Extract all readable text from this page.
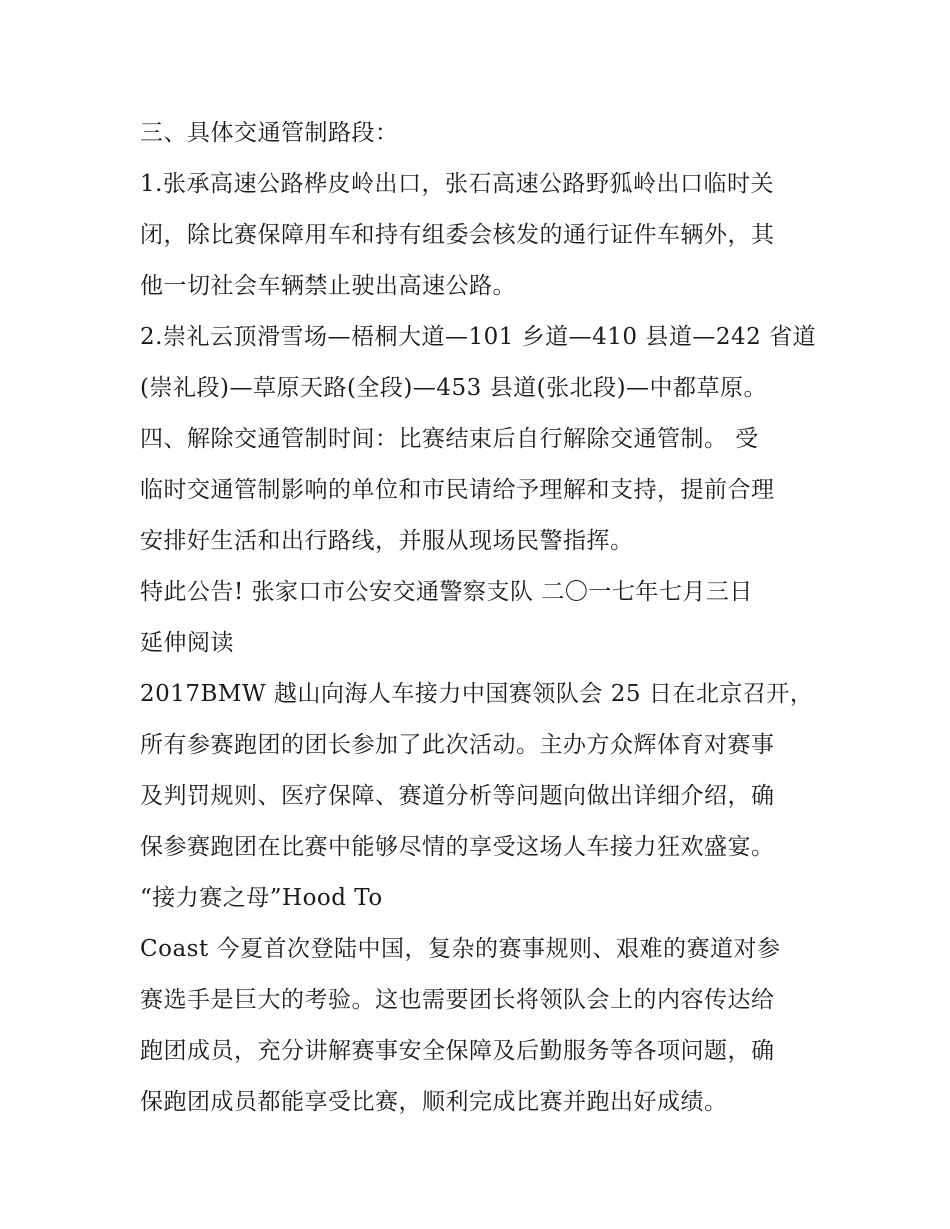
三、具体交通管制路段：
1.张承高速公路桦皮岭出口，张石高速公路野狐岭出口临时关
闭，除比赛保障用车和持有组委会核发的通行证件车辆外，其
他一切社会车辆禁止驶出高速公路。
2.崇礼云顶滑雪场—梧桐大道—101 乡道—410 县道—242 省道
(崇礼段)—草原天路(全段)—453 县道(张北段)—中都草原。
四、解除交通管制时间：比赛结束后自行解除交通管制。 受
临时交通管制影响的单位和市民请给予理解和支持，提前合理
安排好生活和出行路线，并服从现场民警指挥。
特此公告! 张家口市公安交通警察支队 二〇一七年七月三日
延伸阅读
2017BMW 越山向海人车接力中国赛领队会 25 日在北京召开，
所有参赛跑团的团长参加了此次活动。主办方众辉体育对赛事
及判罚规则、医疗保障、赛道分析等问题向做出详细介绍，确
保参赛跑团在比赛中能够尽情的享受这场人车接力狂欢盛宴。
“接力赛之母”Hood To
Coast 今夏首次登陆中国，复杂的赛事规则、艰难的赛道对参
赛选手是巨大的考验。这也需要团长将领队会上的内容传达给
跑团成员，充分讲解赛事安全保障及后勤服务等各项问题，确
保跑团成员都能享受比赛，顺利完成比赛并跑出好成绩。
